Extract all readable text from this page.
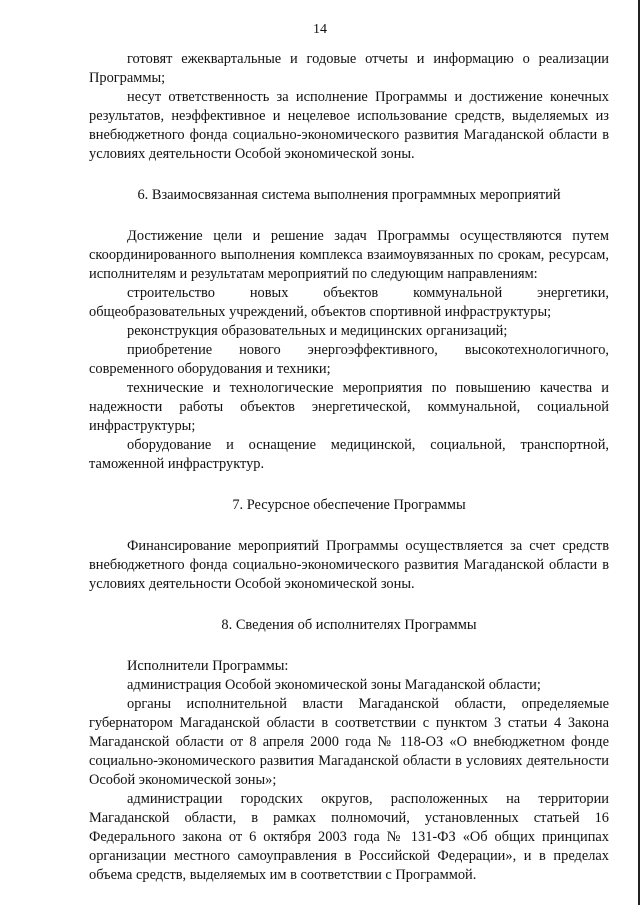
14

готовят ежеквартальные и годовые отчеты и информацию о реализации Программы;

несут ответственность за исполнение Программы и достижение конечных результатов, неэффективное и нецелевое использование средств, выделяемых из внебюджетного фонда социально-экономического развития Магаданской области в условиях деятельности Особой экономической зоны.

6. Взаимосвязанная система выполнения программных мероприятий

Достижение цели и решение задач Программы осуществляются путем скоординированного выполнения комплекса взаимоувязанных по срокам, ресурсам, исполнителям и результатам мероприятий по следующим направлениям:

строительство новых объектов коммунальной энергетики, общеобразовательных учреждений, объектов спортивной инфраструктуры;

реконструкция образовательных и медицинских организаций;

приобретение нового энергоэффективного, высокотехнологичного, современного оборудования и техники;

технические и технологические мероприятия по повышению качества и надежности работы объектов энергетической, коммунальной, социальной инфраструктуры;

оборудование и оснащение медицинской, социальной, транспортной, таможенной инфраструктур.

7. Ресурсное обеспечение Программы

Финансирование мероприятий Программы осуществляется за счет средств внебюджетного фонда социально-экономического развития Магаданской области в условиях деятельности Особой экономической зоны.

8. Сведения об исполнителях Программы

Исполнители Программы:

администрация Особой экономической зоны Магаданской области;

органы исполнительной власти Магаданской области, определяемые губернатором Магаданской области в соответствии с пунктом 3 статьи 4 Закона Магаданской области от 8 апреля 2000 года № 118-ОЗ «О внебюджетном фонде социально-экономического развития Магаданской области в условиях деятельности Особой экономической зоны»;

администрации городских округов, расположенных на территории Магаданской области, в рамках полномочий, установленных статьей 16 Федерального закона от 6 октября 2003 года № 131-ФЗ «Об общих принципах организации местного самоуправления в Российской Федерации», и в пределах объема средств, выделяемых им в соответствии с Программой.
